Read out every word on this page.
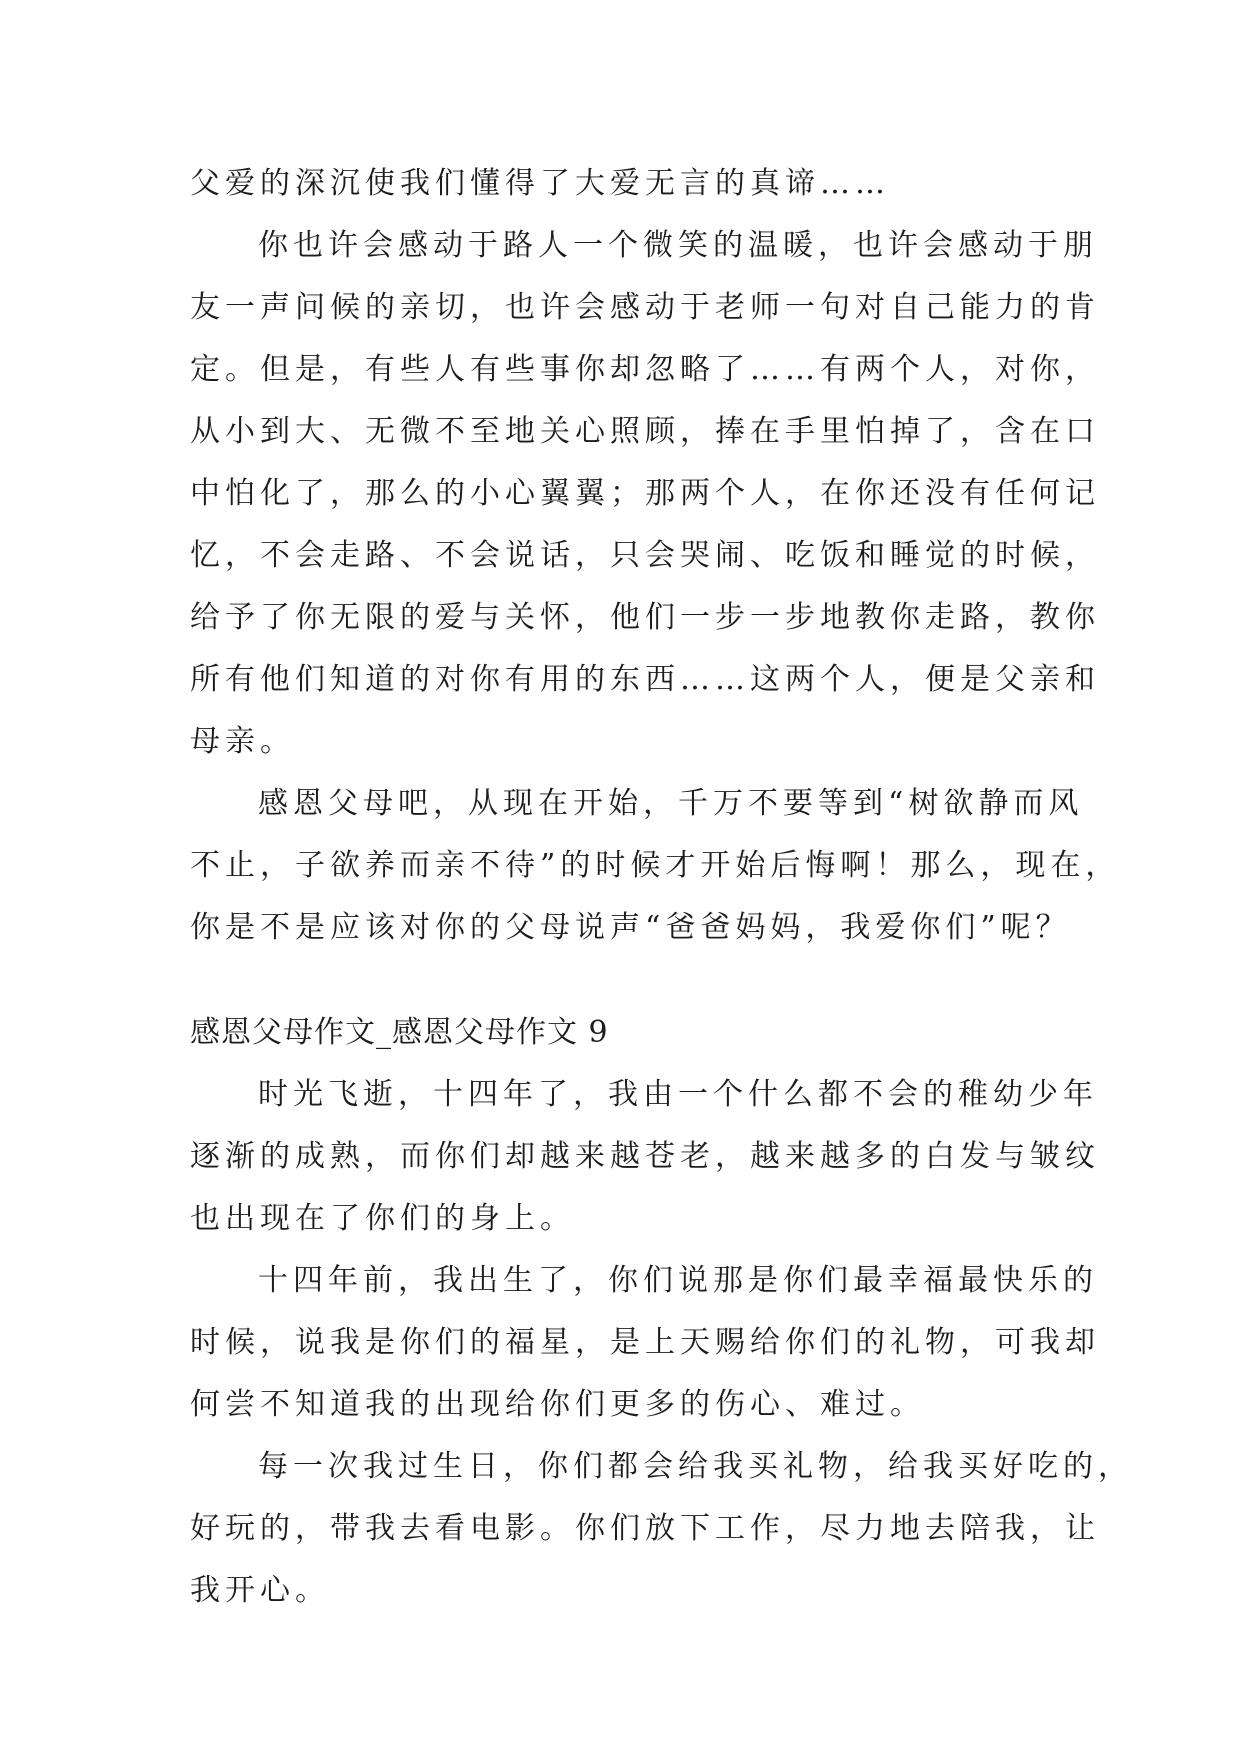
父爱的深沉使我们懂得了大爱无言的真谛……
你也许会感动于路人一个微笑的温暖，也许会感动于朋
友一声问候的亲切，也许会感动于老师一句对自己能力的肯
定。但是，有些人有些事你却忽略了……有两个人，对你，
从小到大、无微不至地关心照顾，捧在手里怕掉了，含在口
中怕化了，那么的小心翼翼；那两个人，在你还没有任何记
忆，不会走路、不会说话，只会哭闹、吃饭和睡觉的时候，
给予了你无限的爱与关怀，他们一步一步地教你走路，教你
所有他们知道的对你有用的东西……这两个人，便是父亲和
母亲。
感恩父母吧，从现在开始，千万不要等到“树欲静而风
不止，子欲养而亲不待”的时候才开始后悔啊！那么，现在，
你是不是应该对你的父母说声“爸爸妈妈，我爱你们”呢？
感恩父母作文_感恩父母作文 9
时光飞逝，十四年了，我由一个什么都不会的稚幼少年
逐渐的成熟，而你们却越来越苍老，越来越多的白发与皱纹
也出现在了你们的身上。
十四年前，我出生了，你们说那是你们最幸福最快乐的
时候，说我是你们的福星，是上天赐给你们的礼物，可我却
何尝不知道我的出现给你们更多的伤心、难过。
每一次我过生日，你们都会给我买礼物，给我买好吃的，
好玩的，带我去看电影。你们放下工作，尽力地去陪我，让
我开心。
